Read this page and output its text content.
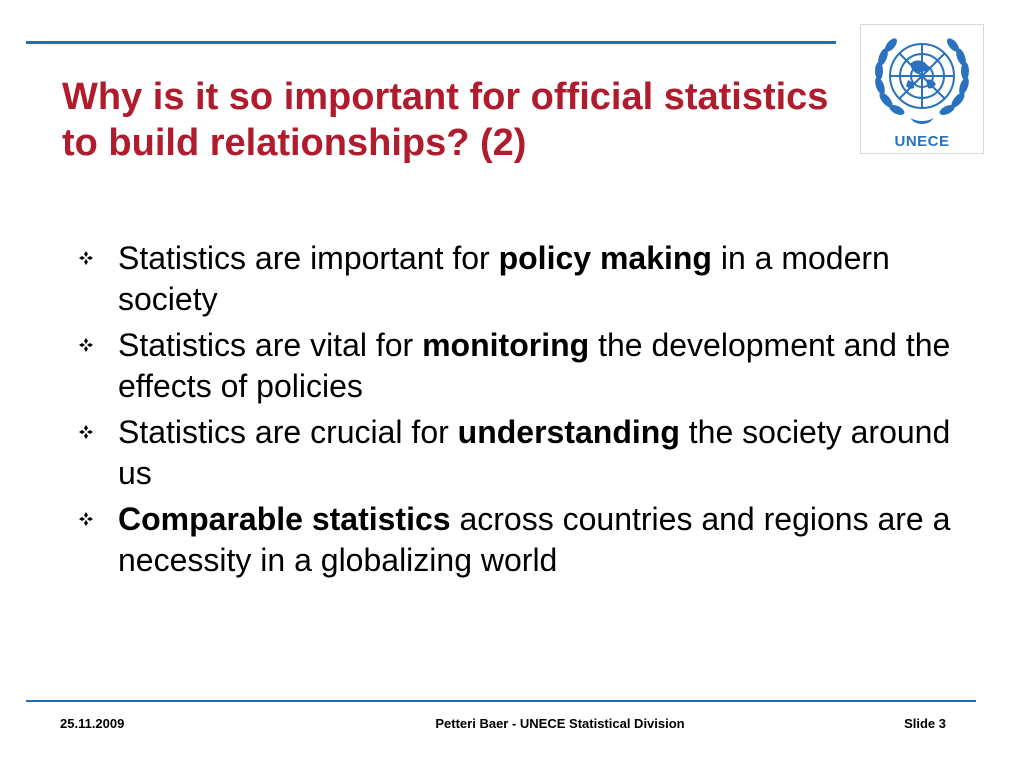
Why is it so important for official statistics to build relationships? (2)	UNECE
Statistics are important for policy making in a modern society
Statistics are vital for monitoring the development and the effects of policies
Statistics are crucial for understanding the society around us
Comparable statistics across countries and regions are a necessity in a globalizing world
25.11.2009	Petteri Baer - UNECE Statistical Division	Slide 3
